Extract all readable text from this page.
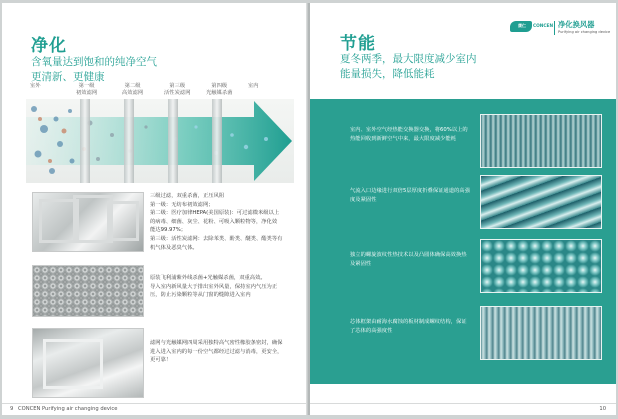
净化
含氧量达到饱和的纯净空气
更清新、更健康
室外	第一级
初效滤网
第二级
高效滤网
第三级
活性炭滤网
第四级
光触媒杀菌
室内

三级过滤，双重杀菌，正压风阻

第一级：无纺布初效滤网；

第二级：医疗加律HEPA(美国原装)：可过滤微米级以上

的病毒、细菌、灰尘、花粉、可吸入颗粒物等，净化效

能达99.97%；

第三级：活性炭滤网：去除苯类、酚类、醚类、酯类等有

机气体及恶臭气体。

原装飞利浦紫外线杀菌+光触媒杀菌，双重高效。

导入室内新风量大于排出室外风量，保持室内气压为正

压，防止污染颗粒等从门窗的缝隙进入室内

滤网与光触媒网四周采用独特高气密性橡胶条密封，确保

进入进入室内的每一份空气都经过过滤与消毒，更安全，

更可靠！

9 CONCEN Purifying air changing device
康仁 CONCEN 净化换风器
Purifying air changing device
节能
夏冬两季，最大限度减少室内
能量损失，降低能耗
室内、室外空气经热能交换器交换，将60%以上的热能回收到新鲜空气中来，最大限度减少能耗
气流入口边缘进行双倍5层厚度折叠保证通道的高强度及紧固性
独立的螺旋波纹性热技术以及凸圆体确保高效换热及紧固性
芯体框架由耐海水腐蚀的板材制成螺纹结构，保证了芯体的高强度性
10
